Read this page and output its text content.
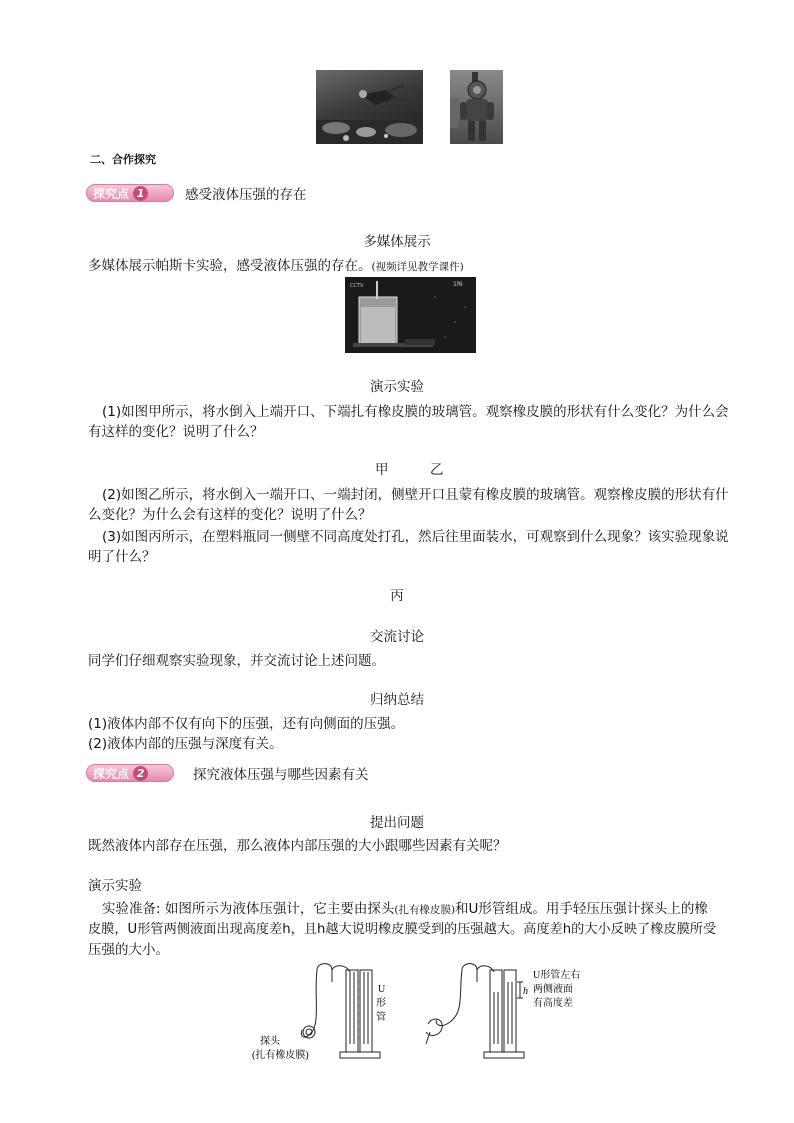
二、合作探究
探究点 1	感受液体压强的存在
多媒体展示
多媒体展示帕斯卡实验，感受液体压强的存在。(视频详见教学课件)
CCTV	1f6
演示实验
(1)如图甲所示，将水倒入上端开口、下端扎有橡皮膜的玻璃管。观察橡皮膜的形状有什么变化？为什么会
有这样的变化？说明了什么？
甲	乙
(2)如图乙所示，将水倒入一端开口、一端封闭，侧壁开口且蒙有橡皮膜的玻璃管。观察橡皮膜的形状有什
么变化？为什么会有这样的变化？说明了什么？
(3)如图丙所示，在塑料瓶同一侧壁不同高度处打孔，然后往里面装水，可观察到什么现象？该实验现象说
明了什么？
丙
交流讨论
同学们仔细观察实验现象，并交流讨论上述问题。
归纳总结
(1)液体内部不仅有向下的压强，还有向侧面的压强。
(2)液体内部的压强与深度有关。
探究点 2	探究液体压强与哪些因素有关
提出问题
既然液体内部存在压强，那么液体内部压强的大小跟哪些因素有关呢？
演示实验
实验准备: 如图所示为液体压强计，它主要由探头(扎有橡皮膜)和U形管组成。用手轻压压强计探头上的橡
皮膜，U形管两侧液面出现高度差h，且h越大说明橡皮膜受到的压强越大。高度差h的大小反映了橡皮膜所受
压强的大小。
U
形
管
探头
(扎有橡皮膜)
h
U形管左右
两侧液面
有高度差
